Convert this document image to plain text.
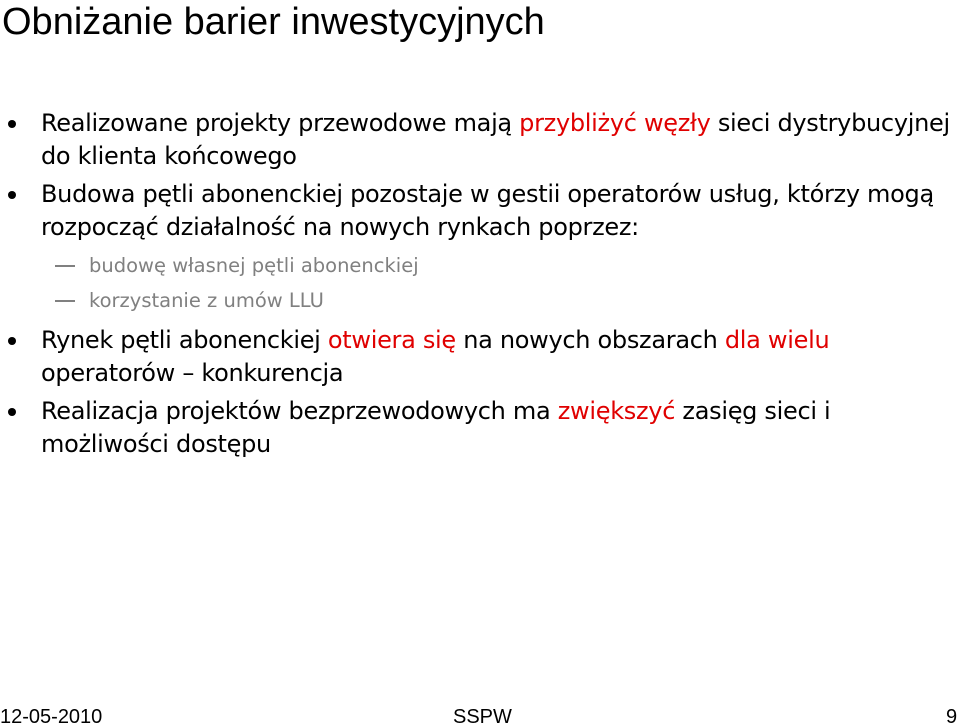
Obniżanie barier inwestycyjnych
Realizowane projekty przewodowe mają przybliżyć węzły sieci dystrybucyjnej do klienta końcowego
Budowa pętli abonenckiej pozostaje w gestii operatorów usług, którzy mogą rozpocząć działalność na nowych rynkach poprzez:
budowę własnej pętli abonenckiej
korzystanie z umów LLU
Rynek pętli abonenckiej otwiera się na nowych obszarach dla wielu operatorów – konkurencja
Realizacja projektów bezprzewodowych ma zwiększyć zasięg sieci i możliwości dostępu
12-05-2010	SSPW	9
